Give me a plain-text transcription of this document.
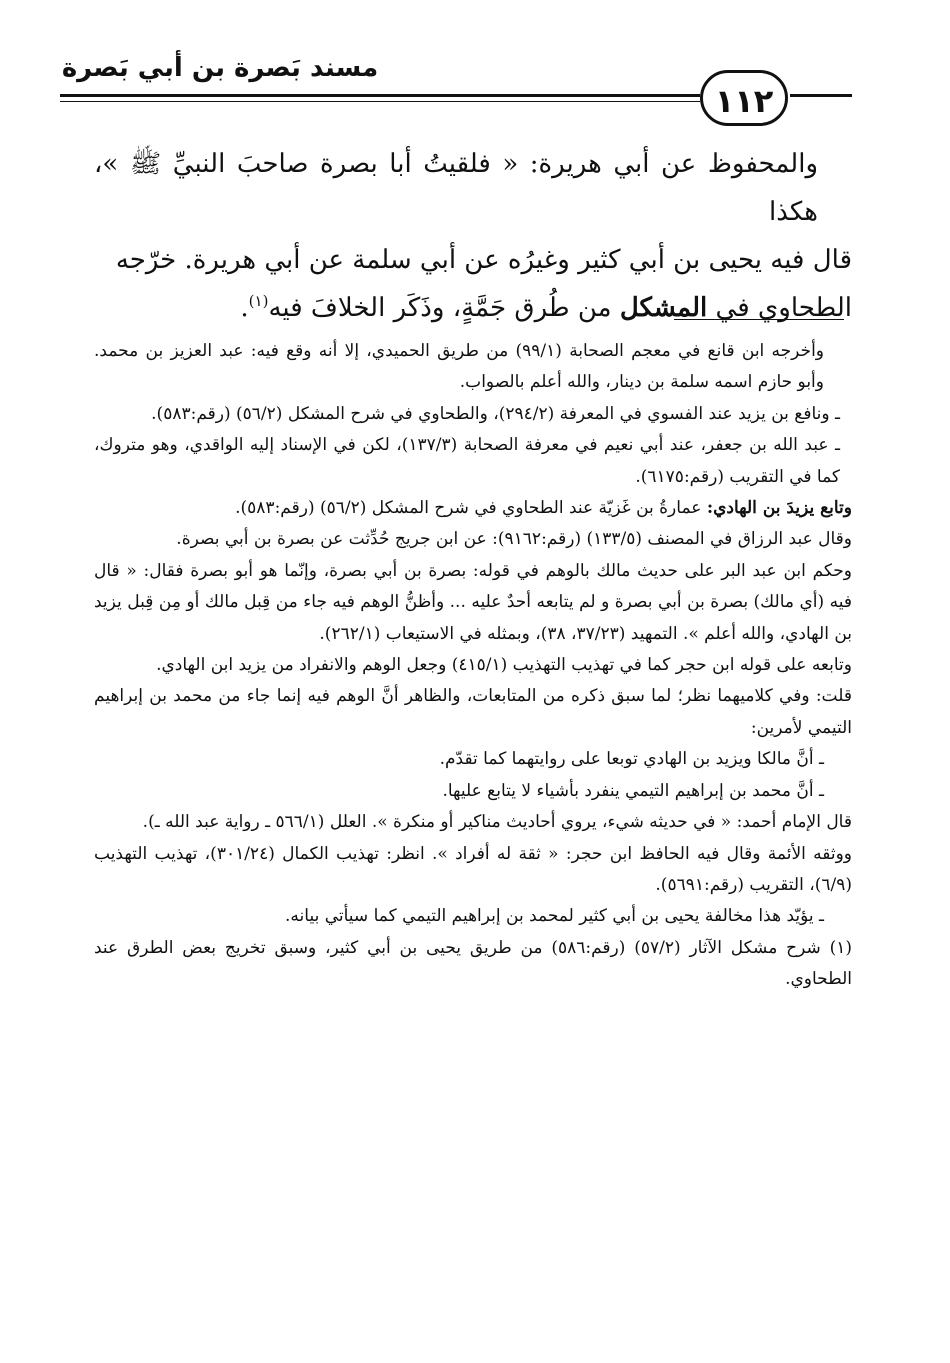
مسند بَصرة بن أبي بَصرة
١١٢

والمحفوظ عن أبي هريرة: « فلقيتُ أبا بصرة صاحبَ النبيِّ ﷺ »، هكذا

قال فيه يحيى بن أبي كثير وغيرُه عن أبي سلمة عن أبي هريرة. خرّجه

الطحاوي في المشكل من طُرق جَمَّةٍ، وذَكَر الخلافَ فيه$^{(١)}$.

وأخرجه ابن قانع في معجم الصحابة (٩٩/١) من طريق الحميدي، إلا أنه وقع فيه: عبد العزيز بن محمد. وأبو حازم اسمه سلمة بن دينار، والله أعلم بالصواب.

ـ ونافع بن يزيد عند الفسوي في المعرفة (٢٩٤/٢)، والطحاوي في شرح المشكل (٥٦/٢) (رقم:٥٨٣).

ـ عبد الله بن جعفر، عند أبي نعيم في معرفة الصحابة (١٣٧/٣)، لكن في الإسناد إليه الواقدي، وهو متروك، كما في التقريب (رقم:٦١٧٥).

وتابع يزيدَ بن الهادي: عمارةُ بن غَزيّة عند الطحاوي في شرح المشكل (٥٦/٢) (رقم:٥٨٣).

وقال عبد الرزاق في المصنف (١٣٣/٥) (رقم:٩١٦٢): عن ابن جريج حُدِّثت عن بصرة بن أبي بصرة.

وحكم ابن عبد البر على حديث مالك بالوهم في قوله: بصرة بن أبي بصرة، وإنّما هو أبو بصرة فقال: « قال فيه (أي مالك) بصرة بن أبي بصرة و لم يتابعه أحدٌ عليه ... وأظنُّ الوهم فيه جاء من قِبل مالك أو مِن قِبل يزيد بن الهادي، والله أعلم ». التمهيد (٣٧/٢٣، ٣٨)، وبمثله في الاستيعاب (٢٦٢/١).

وتابعه على قوله ابن حجر كما في تهذيب التهذيب (٤١٥/١) وجعل الوهم والانفراد من يزيد ابن الهادي.

قلت: وفي كلاميهما نظر؛ لما سبق ذكره من المتابعات، والظاهر أنَّ الوهم فيه إنما جاء من محمد بن إبراهيم التيمي لأمرين:

ـ أنَّ مالكا ويزيد بن الهادي توبعا على روايتهما كما تقدّم.

ـ أنَّ محمد بن إبراهيم التيمي ينفرد بأشياء لا يتابع عليها.

قال الإمام أحمد: « في حديثه شيء، يروي أحاديث مناكير أو منكرة ». العلل (٥٦٦/١ ـ رواية عبد الله ـ).

ووثقه الأئمة وقال فيه الحافظ ابن حجر: « ثقة له أفراد ». انظر: تهذيب الكمال (٣٠١/٢٤)، تهذيب التهذيب (٦/٩)، التقريب (رقم:٥٦٩١).

ـ يؤيّد هذا مخالفة يحيى بن أبي كثير لمحمد بن إبراهيم التيمي كما سيأتي بيانه.

(١) شرح مشكل الآثار (٥٧/٢) (رقم:٥٨٦) من طريق يحيى بن أبي كثير، وسبق تخريج بعض الطرق عند الطحاوي.
